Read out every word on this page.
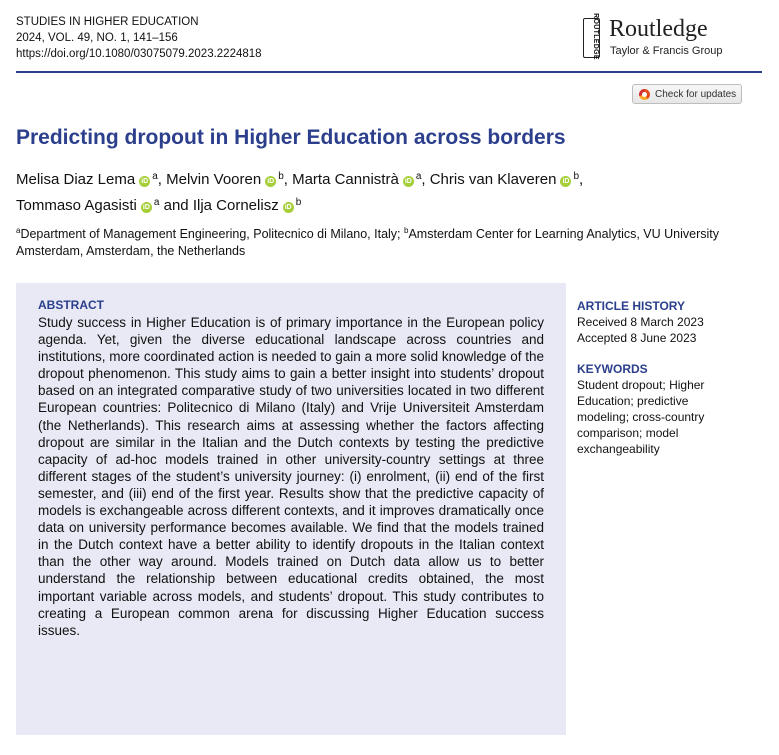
STUDIES IN HIGHER EDUCATION
2024, VOL. 49, NO. 1, 141–156
https://doi.org/10.1080/03075079.2023.2224818	ROUTLEDGE Routledge
Taylor & Francis Group
Check for updates
Predicting dropout in Higher Education across borders
Melisa Diaz Lema iD $^a$, Melvin Vooren iD $^b$, Marta Cannistrà iD $^a$, Chris van Klaveren iD $^b$,
Tommaso Agasisti iD $^a$ and Ilja Cornelisz iD $^b$
$^a$Department of Management Engineering, Politecnico di Milano, Italy; $^b$Amsterdam Center for Learning Analytics, VU University Amsterdam, Amsterdam, the Netherlands
ABSTRACT
Study success in Higher Education is of primary importance in the European policy agenda. Yet, given the diverse educational landscape across countries and institutions, more coordinated action is needed to gain a more solid knowledge of the dropout phenomenon. This study aims to gain a better insight into students’ dropout based on an integrated comparative study of two universities located in two different European countries: Politecnico di Milano (Italy) and Vrije Universiteit Amsterdam (the Netherlands). This research aims at assessing whether the factors affecting dropout are similar in the Italian and the Dutch contexts by testing the predictive capacity of ad-hoc models trained in other university-country settings at three different stages of the student’s university journey: (i) enrolment, (ii) end of the first semester, and (iii) end of the first year. Results show that the predictive capacity of models is exchangeable across different contexts, and it improves dramatically once data on university performance becomes available. We find that the models trained in the Dutch context have a better ability to identify dropouts in the Italian context than the other way around. Models trained on Dutch data allow us to better understand the relationship between educational credits obtained, the most important variable across models, and students’ dropout. This study contributes to creating a European common arena for discussing Higher Education success issues.
ARTICLE HISTORY
Received 8 March 2023
Accepted 8 June 2023
KEYWORDS
Student dropout; Higher Education; predictive modeling; cross-country comparison; model exchangeability
